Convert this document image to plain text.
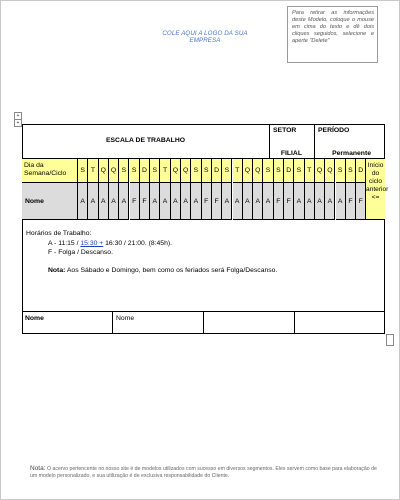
COLE AQUI A LOGO DA SUA EMPRESA
Para retirar as informações deste Modelo, coloque o mouse em cima do texto e dê dois cliques seguidos, selecione e aperte "Delete"
+
+
ESCALA DE TRABALHO
SETOR
FILIAL
PERÍODO
Permanente
Dia da Semana/Ciclo
Nome
S T Q Q S S D S T Q Q S S D S T Q Q S S D S T Q Q S S D
A A A A A F F A A A A A F F A A A A A F F A A A A A F F
Início do ciclo anterior <=
Horários de Trabalho:
A - 11:15 / 15:30 + 16:30 / 21:00. (8:45h).
F - Folga / Descanso.
Nota: Aos Sábado e Domingo, bem como os feriados será Folga/Descanso.
Nome	Nome
Nota: O acervo pertencente no nosso site é de modelos utilizados com sucesso em diversos segmentos. Eles servem como base para elaboração de um modelo personalizado, e sua utilização é de exclusiva responsabilidade do Cliente.
